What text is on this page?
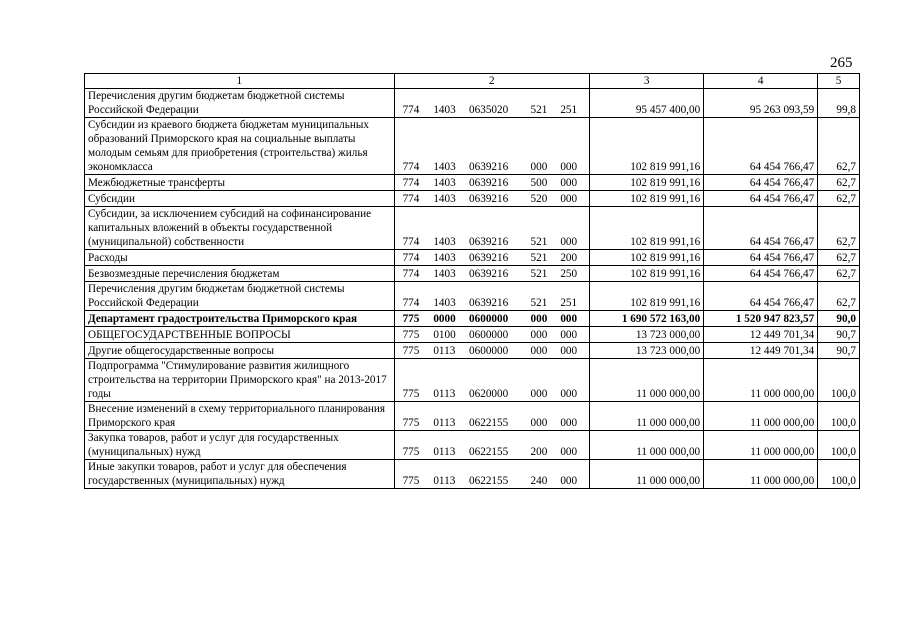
265
1	2	3	4	5
Перечисления другим бюджетам бюджетной системы Российской Федерации	774 1403 0635020 521 251	95 457 400,00	95 263 093,59	99,8
Субсидии из краевого бюджета бюджетам муниципальных образований Приморского края на социальные выплаты молодым семьям для приобретения (строительства) жилья экономкласса	774 1403 0639216 000 000	102 819 991,16	64 454 766,47	62,7
Межбюджетные трансферты	774 1403 0639216 500 000	102 819 991,16	64 454 766,47	62,7
Субсидии	774 1403 0639216 520 000	102 819 991,16	64 454 766,47	62,7
Субсидии, за исключением субсидий на софинансирование капитальных вложений в объекты государственной (муниципальной) собственности	774 1403 0639216 521 000	102 819 991,16	64 454 766,47	62,7
Расходы	774 1403 0639216 521 200	102 819 991,16	64 454 766,47	62,7
Безвозмездные перечисления бюджетам	774 1403 0639216 521 250	102 819 991,16	64 454 766,47	62,7
Перечисления другим бюджетам бюджетной системы Российской Федерации	774 1403 0639216 521 251	102 819 991,16	64 454 766,47	62,7
Департамент градостроительства Приморского края	775 0000 0600000 000 000	1 690 572 163,00	1 520 947 823,57	90,0
ОБЩЕГОСУДАРСТВЕННЫЕ ВОПРОСЫ	775 0100 0600000 000 000	13 723 000,00	12 449 701,34	90,7
Другие общегосударственные вопросы	775 0113 0600000 000 000	13 723 000,00	12 449 701,34	90,7
Подпрограмма "Стимулирование развития жилищного строительства на территории Приморского края" на 2013-2017 годы	775 0113 0620000 000 000	11 000 000,00	11 000 000,00	100,0
Внесение изменений в схему территориального планирования Приморского края	775 0113 0622155 000 000	11 000 000,00	11 000 000,00	100,0
Закупка товаров, работ и услуг для государственных (муниципальных) нужд	775 0113 0622155 200 000	11 000 000,00	11 000 000,00	100,0
Иные закупки товаров, работ и услуг для обеспечения государственных (муниципальных) нужд	775 0113 0622155 240 000	11 000 000,00	11 000 000,00	100,0
